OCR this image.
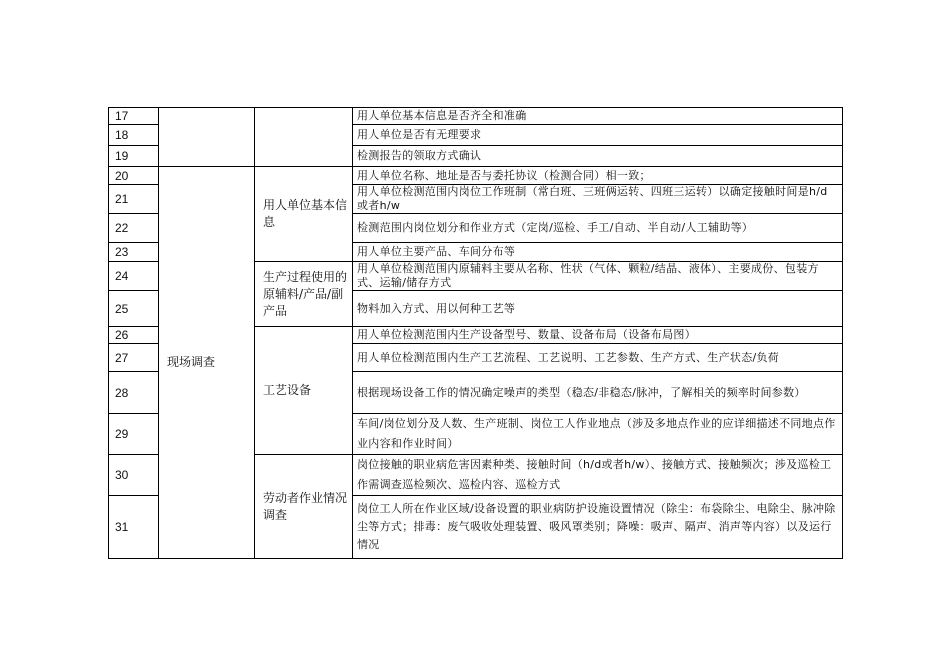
17			用人单位基本信息是否齐全和准确
18			用人单位是否有无理要求
19			检测报告的领取方式确认
20	现场调查	用人单位基本信息	用人单位名称、地址是否与委托协议（检测合同）相一致；
21			用人单位检测范围内岗位工作班制（常白班、三班俩运转、四班三运转）以确定接触时间是h/d或者h/w
22			检测范围内岗位划分和作业方式（定岗/巡检、手工/自动、半自动/人工辅助等）
23			用人单位主要产品、车间分布等
24		生产过程使用的原辅料/产品/副产品	用人单位检测范围内原辅料主要从名称、性状（气体、颗粒/结晶、液体）、主要成份、包装方式、运输/储存方式
25			物料加入方式、用以何种工艺等
26		工艺设备	用人单位检测范围内生产设备型号、数量、设备布局（设备布局图）
27			用人单位检测范围内生产工艺流程、工艺说明、工艺参数、生产方式、生产状态/负荷
28			根据现场设备工作的情况确定噪声的类型（稳态/非稳态/脉冲，了解相关的频率时间参数）
29			车间/岗位划分及人数、生产班制、岗位工人作业地点（涉及多地点作业的应详细描述不同地点作业内容和作业时间）
30		劳动者作业情况调查	岗位接触的职业病危害因素种类、接触时间（h/d或者h/w）、接触方式、接触频次；涉及巡检工作需调查巡检频次、巡检内容、巡检方式
31			岗位工人所在作业区域/设备设置的职业病防护设施设置情况（除尘：布袋除尘、电除尘、脉冲除尘等方式；排毒：废气吸收处理装置、吸风罩类别；降噪：吸声、隔声、消声等内容）以及运行情况
